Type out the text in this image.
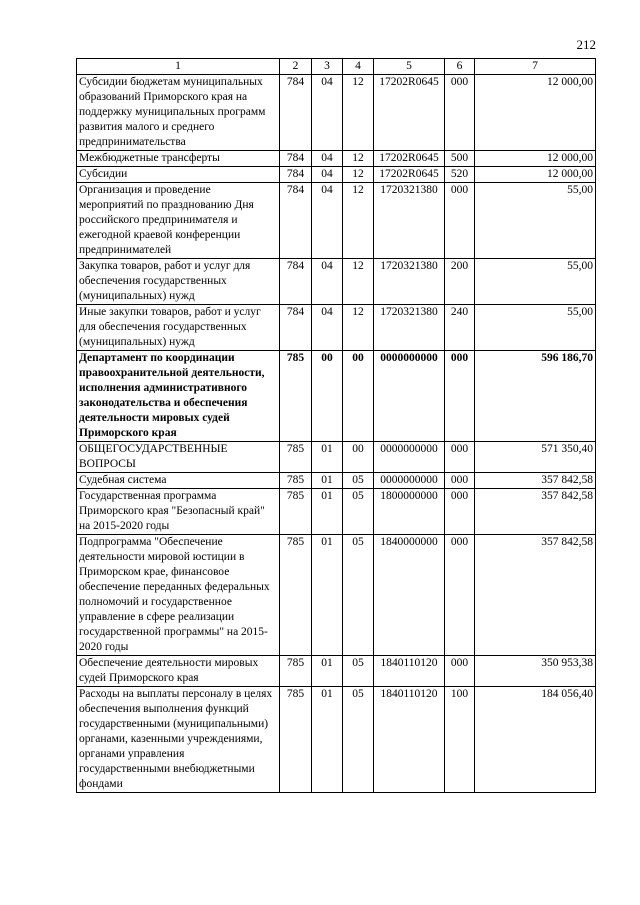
212
1	2	3	4	5	6	7
Субсидии бюджетам муниципальных образований Приморского края на поддержку муниципальных программ развития малого и среднего предпринимательства	784	04	12	17202R0645	000	12 000,00
Межбюджетные трансферты	784	04	12	17202R0645	500	12 000,00
Субсидии	784	04	12	17202R0645	520	12 000,00
Организация и проведение мероприятий по празднованию Дня российского предпринимателя и ежегодной краевой конференции предпринимателей	784	04	12	1720321380	000	55,00
Закупка товаров, работ и услуг для обеспечения государственных (муниципальных) нужд	784	04	12	1720321380	200	55,00
Иные закупки товаров, работ и услуг для обеспечения государственных (муниципальных) нужд	784	04	12	1720321380	240	55,00
Департамент по координации правоохранительной деятельности, исполнения административного законодательства и обеспечения деятельности мировых судей Приморского края	785	00	00	0000000000	000	596 186,70
ОБЩЕГОСУДАРСТВЕННЫЕ ВОПРОСЫ	785	01	00	0000000000	000	571 350,40
Судебная система	785	01	05	0000000000	000	357 842,58
Государственная программа Приморского края "Безопасный край" на 2015-2020 годы	785	01	05	1800000000	000	357 842,58
Подпрограмма "Обеспечение деятельности мировой юстиции в Приморском крае, финансовое обеспечение переданных федеральных полномочий и государственное управление в сфере реализации государственной программы" на 2015-2020 годы	785	01	05	1840000000	000	357 842,58
Обеспечение деятельности мировых судей Приморского края	785	01	05	1840110120	000	350 953,38
Расходы на выплаты персоналу в целях обеспечения выполнения функций государственными (муниципальными) органами, казенными учреждениями, органами управления государственными внебюджетными фондами	785	01	05	1840110120	100	184 056,40
